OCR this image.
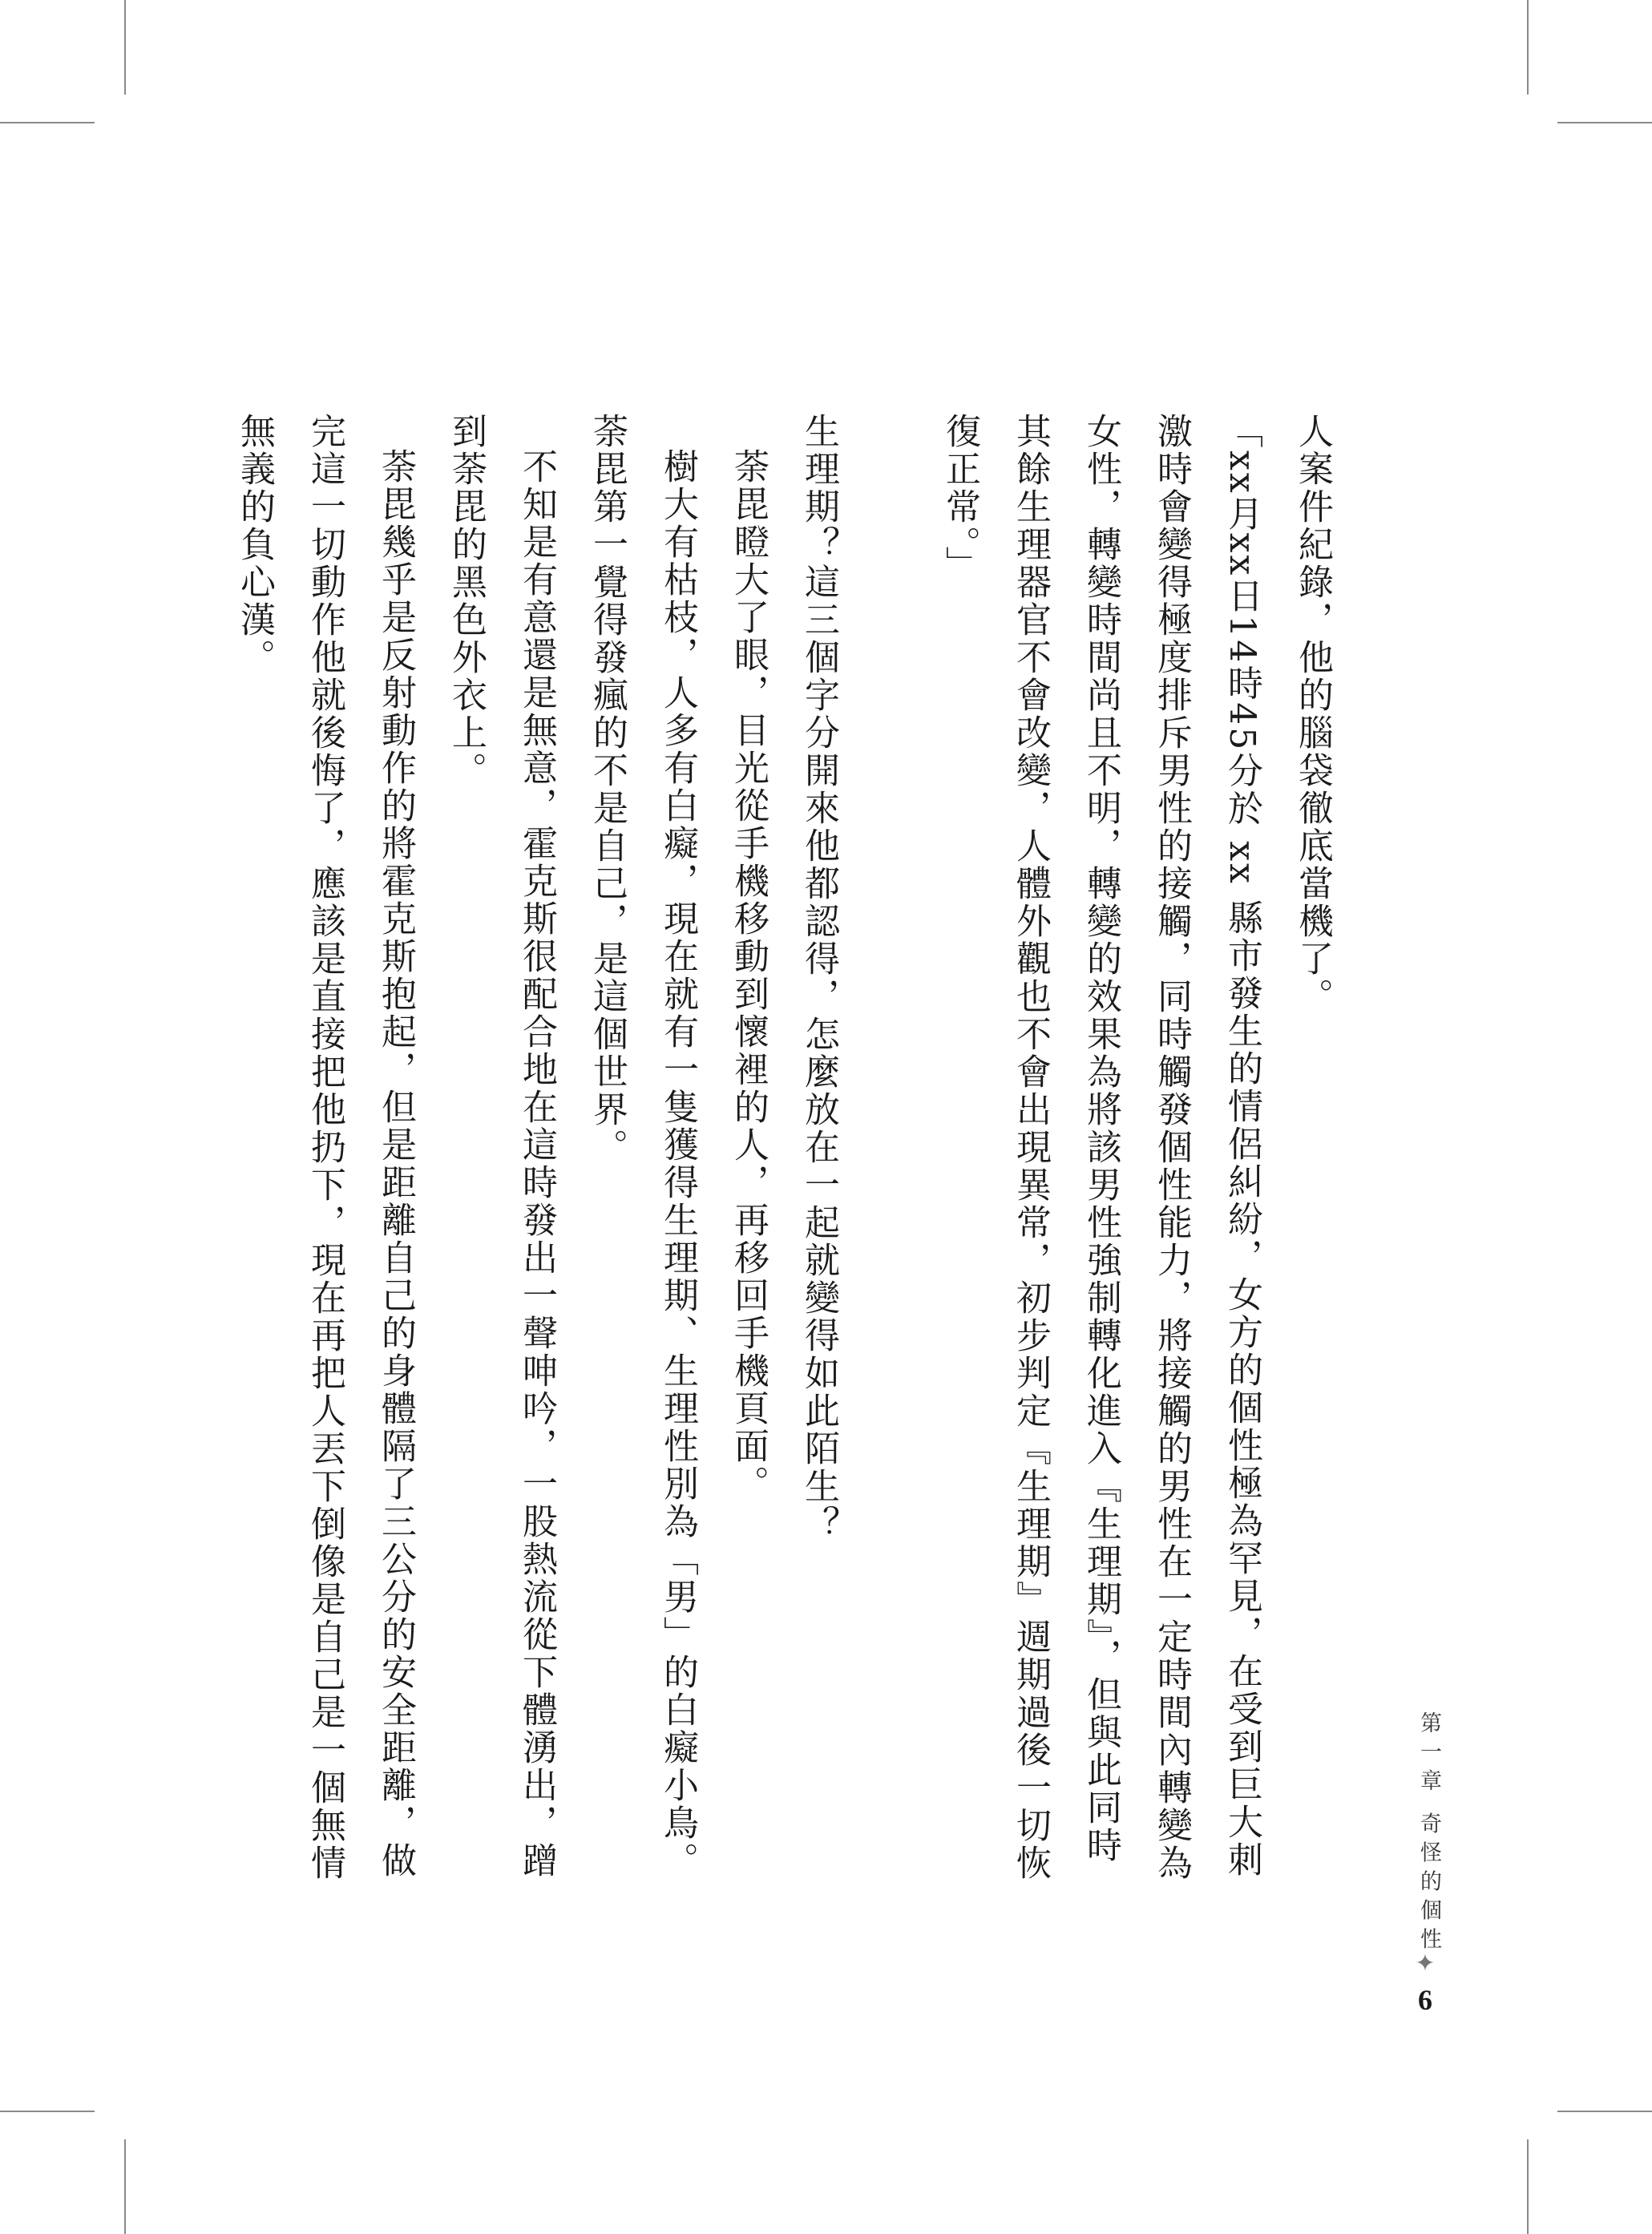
人案件紀錄，他的腦袋徹底當機了。

「xx月xx日14時45分於 xx 縣市發生的情侶糾紛，女方的個性極為罕見，在受到巨大刺激時會變得極度排斥男性的接觸，同時觸發個性能力，將接觸的男性在一定時間內轉變為女性，轉變時間尚且不明，轉變的效果為將該男性強制轉化進入『生理期』，但與此同時其餘生理器官不會改變，人體外觀也不會出現異常，初步判定『生理期』週期過後一切恢復正常。」

生理期？這三個字分開來他都認得，怎麼放在一起就變得如此陌生？

荼毘瞪大了眼，目光從手機移動到懷裡的人，再移回手機頁面。

樹大有枯枝，人多有白癡，現在就有一隻獲得生理期、生理性別為「男」的白癡小鳥。荼毘第一覺得發瘋的不是自己，是這個世界。

不知是有意還是無意，霍克斯很配合地在這時發出一聲呻吟，一股熱流從下體湧出，蹭到荼毘的黑色外衣上。

荼毘幾乎是反射動作的將霍克斯抱起，但是距離自己的身體隔了三公分的安全距離，做完這一切動作他就後悔了，應該是直接把他扔下，現在再把人丟下倒像是自己是一個無情無義的負心漢。

第一章 奇怪的個性
✦
6
